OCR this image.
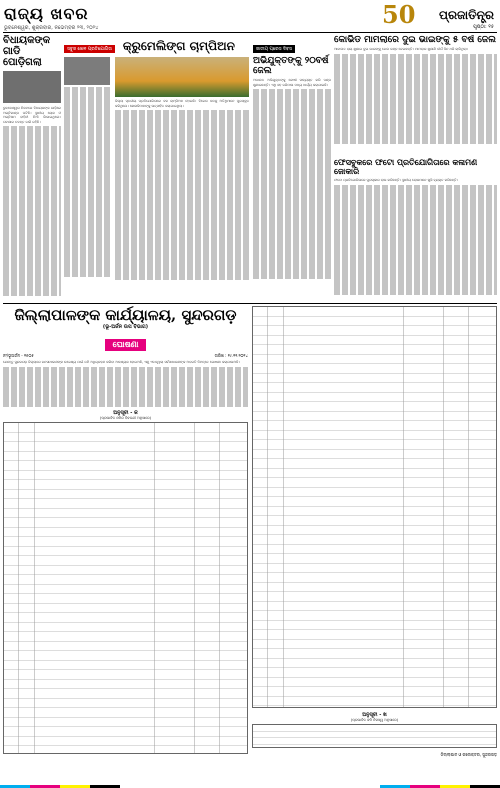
ରାଜ୍ୟ ଖବର
ଭୁବନେଶ୍ୱର, ଶୁକ୍ରବାର, ନଭେମ୍ବର ୨୩, ୨୦୨୪	50	ପ୍ରଜାତିନ୍ତ୍ର
ପୃଷ୍ଠା: ୧୫
ବିଧାୟକଙ୍କ ଗାଡି ପୋଡ଼ିଗଲା
ଭୁବନେଶ୍ୱର ନିକଟରେ ବିଧାୟକଙ୍କ ଗାଡ଼ିରେ ଅଗ୍ନିକାଣ୍ଡ ଘଟିଛି। ସ୍ଥାନୀୟ ଲୋକ ଓ ଅଗ୍ନିଶମ ବାହିନୀ ନିଆଁ ଲିଭାଇଥିଲେ। ଘଟଣାର ତଦନ୍ତ ଜାରି ରହିଛି।
ସବୁଜ ଖେଳ ପ୍ରତିଯୋଗିତା କ୍ରୁମେଲିଙ୍ଗ ଚାମ୍ପିଅନ
ଜିଲ୍ଲା ସ୍ତରୀୟ ପ୍ରତିଯୋଗିତାରେ ଦଳ ଚାମ୍ପିଅନ ହୋଇଛି। ବିଜେତା ଦଳକୁ ଅତିଥିମାନେ ପୁରସ୍କୃତ କରିଥିଲେ। ଖେଳାଳିମାନଙ୍କୁ ଉତ୍ସାହିତ କରାଯାଇଥିଲା।
ଜାତୀୟ ପ୍ରେସ ଦିବସ
ଅଭିଯୁକ୍ତଙ୍କୁ ୨୦ବର୍ଷ ଜେଲ
ଅଦାଲତ ଅଭିଯୁକ୍ତଙ୍କୁ ଦୋଷୀ ସାବ୍ୟସ୍ତ କରି ଦଣ୍ଡ ଶୁଣାଇଛନ୍ତି। ଏଥି ସହ ଜରିମାନା ମଧ୍ୟ ଧାର୍ଯ୍ୟ କରାଯାଇଛି।
କୋଭିଡ ମାମଲାରେ ଦୁଇ ଭାଇଙ୍କୁ ୫ ବର୍ଷ ଜେଲ
ଆଦାଲତ ରାୟ ଶୁଣାଇ ଦୁଇ ଭାଇଙ୍କୁ ଜେଲ ଦଣ୍ଡ ଦେଇଛନ୍ତି। ମାମଲାର ଶୁଣାଣି ଦୀର୍ଘ ଦିନ ଧରି ଚାଲିଥିଲା।
ଫେସବୁକରେ ଫଟୋ ପ୍ରତିଯୋଗିତାରେ କଳାମଣ ଜୋକାରି
ଫଟୋ ପ୍ରତିଯୋଗିତାରେ ପୁରସ୍କାର ଲାଭ କରିଛନ୍ତି। ସ୍ଥାନୀୟ ଲୋକମାନେ ଖୁସି ବ୍ୟକ୍ତ କରିଛନ୍ତି।
ଜିଲ୍ଲାପାଳଙ୍କ କାର୍ଯ୍ୟାଳୟ, ସୁନ୍ଦରଗଡ଼
(ଭୂ-ଅର୍ଜନ ଉପ ବିଭାଗ)
ଘୋଷଣା
ନଂ/ଭୂଅର୍ଜନ - ୧୫୦୫	ତାରିଖ : ୧୯.୧୧.୨୦୨୪
ଯେହେତୁ ସୁନ୍ଦରଗଡ଼ ଜିଲ୍ଲାରେ ଜନସାଧାରଣଙ୍କ ଉଦ୍ଦେଶ୍ୟ ପାଇଁ ଜମି ଅଧିଗ୍ରହଣ କରିବା ଆବଶ୍ୟକ ହୋଇଅଛି, ଏଣୁ ଏତଦ୍ୱାରା ସର୍ବସାଧାରଣଙ୍କ ଅବଗତି ନିମନ୍ତେ ଘୋଷଣା କରାଯାଉଅଛି।
ଅନୁସୂଚୀ - କ
(ପ୍ରଭାବିତ ଜମିର ବିବରଣୀ ଅନୁସାରେ)
ଅନୁସୂଚୀ - ଖ
(ପ୍ରଭାବିତ ଜମି ନିଜସ୍ୱ ଅନୁସାରେ)
ଜିଲ୍ଲାପାଳ ଓ କଲେକ୍ଟର, ସୁନ୍ଦରଗଡ଼
